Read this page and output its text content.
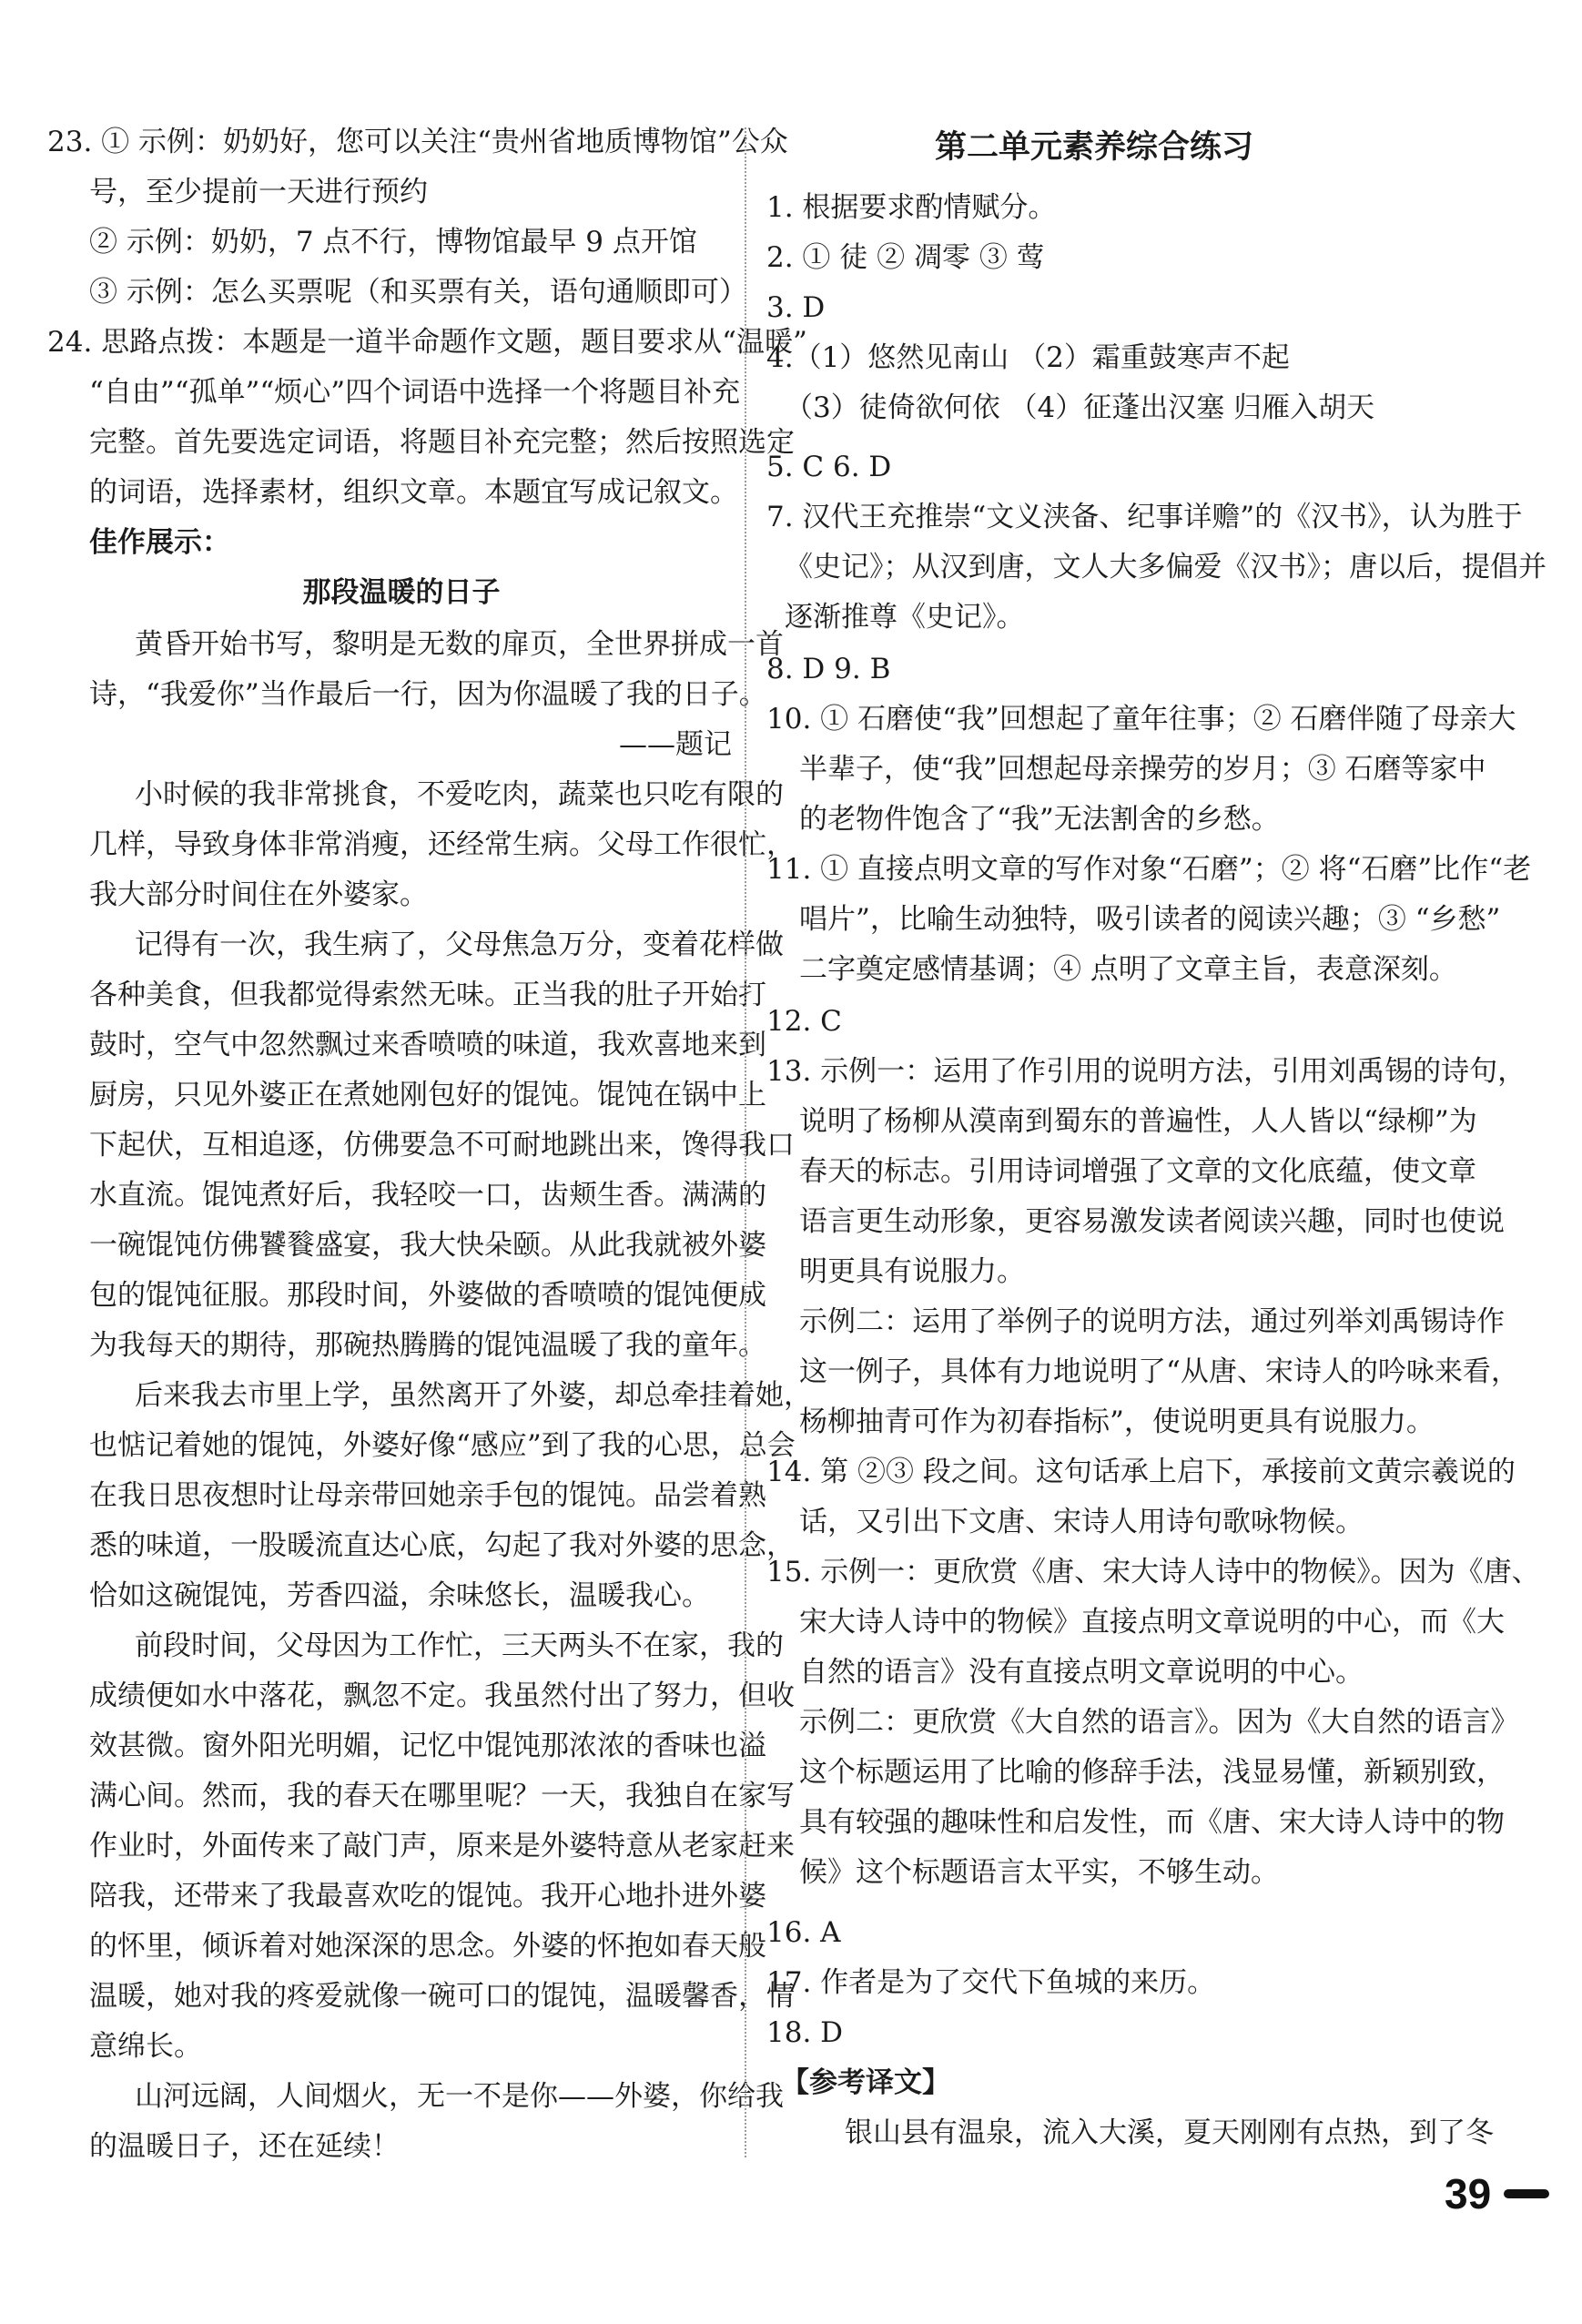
23. ① 示例：奶奶好，您可以关注“贵州省地质博物馆”公众
号，至少提前一天进行预约
② 示例：奶奶，7 点不行，博物馆最早 9 点开馆
③ 示例：怎么买票呢（和买票有关，语句通顺即可）
24. 思路点拨：本题是一道半命题作文题，题目要求从“温暖”
“自由”“孤单”“烦心”四个词语中选择一个将题目补充
完整。首先要选定词语，将题目补充完整；然后按照选定
的词语，选择素材，组织文章。本题宜写成记叙文。
佳作展示：
那段温暖的日子
黄昏开始书写，黎明是无数的扉页，全世界拼成一首
诗，“我爱你”当作最后一行，因为你温暖了我的日子。
——题记
小时候的我非常挑食，不爱吃肉，蔬菜也只吃有限的
几样，导致身体非常消瘦，还经常生病。父母工作很忙，
我大部分时间住在外婆家。
记得有一次，我生病了，父母焦急万分，变着花样做
各种美食，但我都觉得索然无味。正当我的肚子开始打
鼓时，空气中忽然飘过来香喷喷的味道，我欢喜地来到
厨房，只见外婆正在煮她刚包好的馄饨。馄饨在锅中上
下起伏，互相追逐，仿佛要急不可耐地跳出来，馋得我口
水直流。馄饨煮好后，我轻咬一口，齿颊生香。满满的
一碗馄饨仿佛饕餮盛宴，我大快朵颐。从此我就被外婆
包的馄饨征服。那段时间，外婆做的香喷喷的馄饨便成
为我每天的期待，那碗热腾腾的馄饨温暖了我的童年。
后来我去市里上学，虽然离开了外婆，却总牵挂着她，
也惦记着她的馄饨，外婆好像“感应”到了我的心思，总会
在我日思夜想时让母亲带回她亲手包的馄饨。品尝着熟
悉的味道，一股暖流直达心底，勾起了我对外婆的思念，
恰如这碗馄饨，芳香四溢，余味悠长，温暖我心。
前段时间，父母因为工作忙，三天两头不在家，我的
成绩便如水中落花，飘忽不定。我虽然付出了努力，但收
效甚微。窗外阳光明媚，记忆中馄饨那浓浓的香味也溢
满心间。然而，我的春天在哪里呢？一天，我独自在家写
作业时，外面传来了敲门声，原来是外婆特意从老家赶来
陪我，还带来了我最喜欢吃的馄饨。我开心地扑进外婆
的怀里，倾诉着对她深深的思念。外婆的怀抱如春天般
温暖，她对我的疼爱就像一碗可口的馄饨，温暖馨香，情
意绵长。
山河远阔，人间烟火，无一不是你——外婆，你给我
的温暖日子，还在延续！
第二单元素养综合练习
1. 根据要求酌情赋分。
2. ① 徒 ② 凋零 ③ 莺
3. D
4.（1）悠然见南山 （2）霜重鼓寒声不起
（3）徒倚欲何依 （4）征蓬出汉塞 归雁入胡天
5. C 6. D
7. 汉代王充推崇“文义浃备、纪事详赡”的《汉书》，认为胜于
《史记》；从汉到唐，文人大多偏爱《汉书》；唐以后，提倡并
逐渐推尊《史记》。
8. D 9. B
10. ① 石磨使“我”回想起了童年往事；② 石磨伴随了母亲大
半辈子，使“我”回想起母亲操劳的岁月；③ 石磨等家中
的老物件饱含了“我”无法割舍的乡愁。
11. ① 直接点明文章的写作对象“石磨”；② 将“石磨”比作“老
唱片”，比喻生动独特，吸引读者的阅读兴趣；③ “乡愁”
二字奠定感情基调；④ 点明了文章主旨，表意深刻。
12. C
13. 示例一：运用了作引用的说明方法，引用刘禹锡的诗句，
说明了杨柳从漠南到蜀东的普遍性，人人皆以“绿柳”为
春天的标志。引用诗词增强了文章的文化底蕴，使文章
语言更生动形象，更容易激发读者阅读兴趣，同时也使说
明更具有说服力。
示例二：运用了举例子的说明方法，通过列举刘禹锡诗作
这一例子，具体有力地说明了“从唐、宋诗人的吟咏来看，
杨柳抽青可作为初春指标”，使说明更具有说服力。
14. 第 ②③ 段之间。这句话承上启下，承接前文黄宗羲说的
话，又引出下文唐、宋诗人用诗句歌咏物候。
15. 示例一：更欣赏《唐、宋大诗人诗中的物候》。因为《唐、
宋大诗人诗中的物候》直接点明文章说明的中心，而《大
自然的语言》没有直接点明文章说明的中心。
示例二：更欣赏《大自然的语言》。因为《大自然的语言》
这个标题运用了比喻的修辞手法，浅显易懂，新颖别致，
具有较强的趣味性和启发性，而《唐、宋大诗人诗中的物
候》这个标题语言太平实，不够生动。
16. A
17. 作者是为了交代下鱼城的来历。
18. D
【参考译文】
银山县有温泉，流入大溪，夏天刚刚有点热，到了冬
39
